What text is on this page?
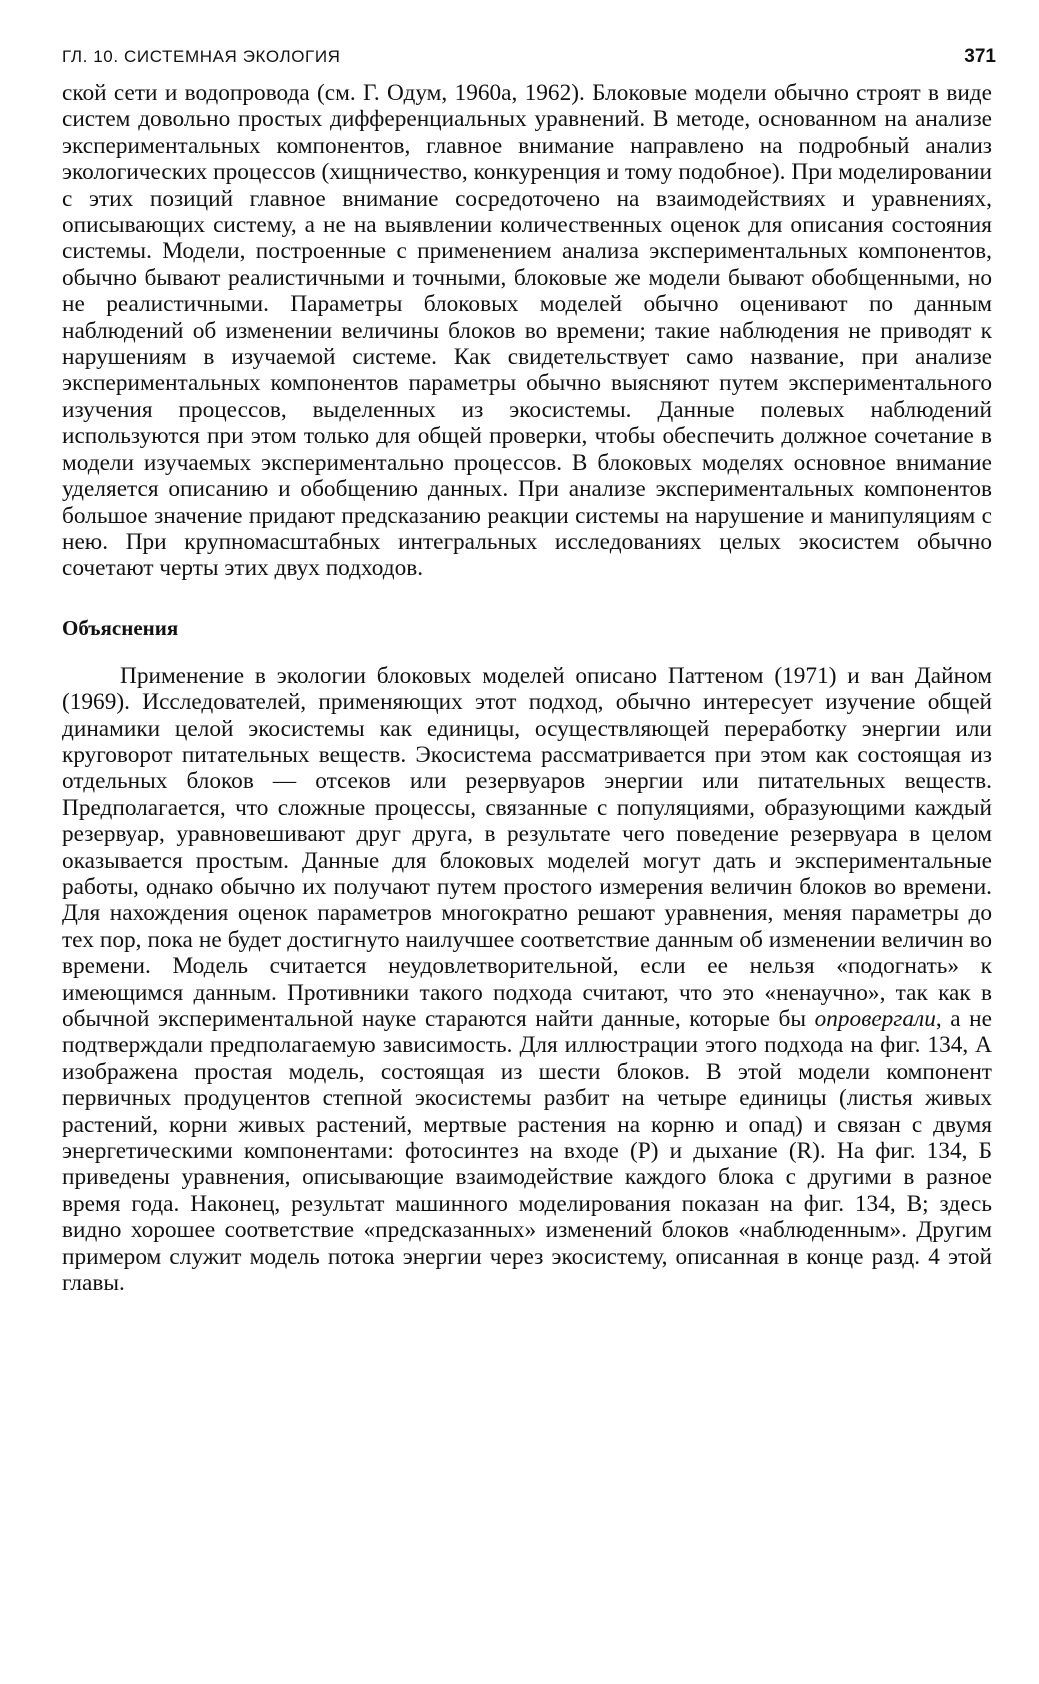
ГЛ. 10. СИСТЕМНАЯ ЭКОЛОГИЯ	371

ской сети и водопровода (см. Г. Одум, 1960а, 1962). Блоковые модели обычно строят в виде систем довольно простых дифференциальных уравнений. В методе, основанном на анализе экспериментальных компонентов, главное внимание направлено на подробный анализ экологических процессов (хищничество, конкуренция и тому подобное). При моделировании с этих позиций главное внимание сосредоточено на взаимодействиях и уравнениях, описывающих систему, а не на выявлении количественных оценок для описания состояния системы. Модели, построенные с применением анализа экспериментальных компонентов, обычно бывают реалистичными и точными, блоковые же модели бывают обобщенными, но не реалистичными. Параметры блоковых моделей обычно оценивают по данным наблюдений об изменении величины блоков во времени; такие наблюдения не приводят к нарушениям в изучаемой системе. Как свидетельствует само название, при анализе экспериментальных компонентов параметры обычно выясняют путем экспериментального изучения процессов, выделенных из экосистемы. Данные полевых наблюдений используются при этом только для общей проверки, чтобы обеспечить должное сочетание в модели изучаемых экспериментально процессов. В блоковых моделях основное внимание уделяется описанию и обобщению данных. При анализе экспериментальных компонентов большое значение придают предсказанию реакции системы на нарушение и манипуляциям с нею. При крупномасштабных интегральных исследованиях целых экосистем обычно сочетают черты этих двух подходов.

Объяснения

Применение в экологии блоковых моделей описано Паттеном (1971) и ван Дайном (1969). Исследователей, применяющих этот подход, обычно интересует изучение общей динамики целой экосистемы как единицы, осуществляющей переработку энергии или круговорот питательных веществ. Экосистема рассматривается при этом как состоящая из отдельных блоков — отсеков или резервуаров энергии или питательных веществ. Предполагается, что сложные процессы, связанные с популяциями, образующими каждый резервуар, уравновешивают друг друга, в результате чего поведение резервуара в целом оказывается простым. Данные для блоковых моделей могут дать и экспериментальные работы, однако обычно их получают путем простого измерения величин блоков во времени. Для нахождения оценок параметров многократно решают уравнения, меняя параметры до тех пор, пока не будет достигнуто наилучшее соответствие данным об изменении величин во времени. Модель считается неудовлетворительной, если ее нельзя «подогнать» к имеющимся данным. Противники такого подхода считают, что это «ненаучно», так как в обычной экспериментальной науке стараются найти данные, которые бы опровергали, а не подтверждали предполагаемую зависимость. Для иллюстрации этого подхода на фиг. 134, А изображена простая модель, состоящая из шести блоков. В этой модели компонент первичных продуцентов степной экосистемы разбит на четыре единицы (листья живых растений, корни живых растений, мертвые растения на корню и опад) и связан с двумя энергетическими компонентами: фотосинтез на входе (P) и дыхание (R). На фиг. 134, Б приведены уравнения, описывающие взаимодействие каждого блока с другими в разное время года. Наконец, результат машинного моделирования показан на фиг. 134, В; здесь видно хорошее соответствие «предсказанных» изменений блоков «наблюденным». Другим примером служит модель потока энергии через экосистему, описанная в конце разд. 4 этой главы.
